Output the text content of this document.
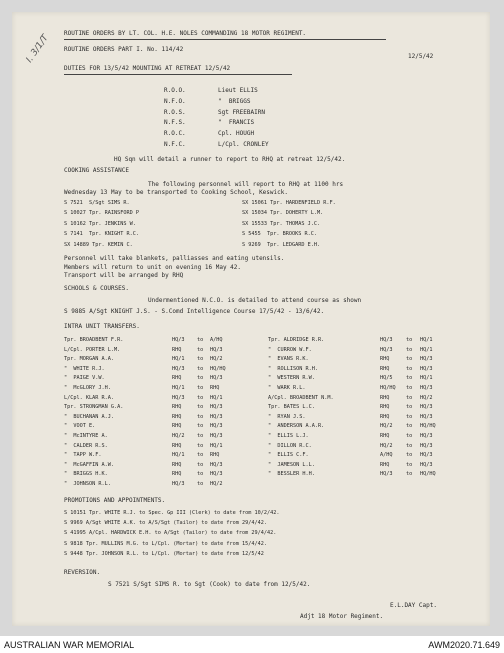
I. 3/1/T ROUTINE ORDERS BY LT. COL. H.E. NOLES COMMANDING 18 MOTOR REGIMENT.
ROUTINE ORDERS PART I. No. 114/42
12/5/42
DUTIES FOR 13/5/42 MOUNTING AT RETREAT 12/5/42
R.O.O.	Lieut ELLIS
N.F.O.	"  BRIGGS
R.O.S.	Sgt FREEBAIRN
N.F.S.	"  FRANCIS
R.O.C.	Cpl. HOUGH
N.F.C.	L/Cpl. CRONLEY
HQ Sqn will detail a runner to report to RHQ at retreat 12/5/42.
COOKING ASSISTANCE
The following personnel will report to RHQ at 1100 hrs
Wednesday 13 May to be transported to Cooking School, Keswick.
S 7521  S/Sgt SIMS R.
S 10027 Tpr. RAINSFORD P
S 10162 Tpr. JENKINS W.
S 7141  Tpr. KNIGHT R.C.
SX 14889 Tpr. KEMIN C.
SX 15061 Tpr. HARDENFIELD R.F.
SX 15034 Tpr. DOHERTY L.M.
SX 15533 Tpr. THOMAS J.C.
S 5455  Tpr. BROOKS R.C.
S 9269  Tpr. LEDGARD E.H.
Personnel will take blankets, palliasses and eating utensils.
Members will return to unit on evening 16 May 42.
Transport will be arranged by RHQ
SCHOOLS & COURSES.
Undermentioned N.C.O. is detailed to attend course as shown
S 9885 A/Sgt KNIGHT J.S. - S.Comd Intelligence Course 17/5/42 - 13/6/42.
INTRA UNIT TRANSFERS.
Tpr. BROADBENT F.R.	HQ/3 to A/HQ
L/Cpl. PORTER L.M.	RHQ	to HQ/3
Tpr. MORGAN A.A.	HQ/1 to HQ/2
"  WHITE R.J.	HQ/3 to HQ/HQ
"  PAIGE V.W.	RHQ	to HQ/3
"  McGLORY J.H.	HQ/1 to RHQ
L/Cpl. KLAR R.A.	HQ/3 to HQ/1
Tpr. STRONGMAN G.A.	RHQ	to HQ/3
"  BUCHANAN A.J.	RHQ	to HQ/3
"  VOOT E.	RHQ	to HQ/3
"  McINTYRE A.	HQ/2 to HQ/3
"  CALDER R.S.	RHQ	to HQ/1
"  TAPP W.F.	HQ/1 to RHQ
"  McGAFFIN A.W.	RHQ	to HQ/3
"  BRIGGS H.K.	RHQ	to HQ/3
"  JOHNSON R.L.	HQ/3 to HQ/2
Tpr. ALDRIDGE R.R.	HQ/3	to HQ/1
"  CURROW W.F.	HQ/3	to HQ/1
"  EVANS R.K.	RHQ	to HQ/3
"  ROLLISON R.H.	RHQ	to HQ/3
"  WESTERN R.W.	HQ/5	to HQ/1
"  WARK R.L.	HQ/HQ to HQ/3
A/Cpl. BROADBENT N.M.	RHQ	to HQ/2
Tpr. BATES L.C.	RHQ	to HQ/3
"  RYAN J.S.	RHQ	to HQ/3
"  ANDERSON A.A.R.	HQ/2	to HQ/HQ
"  ELLIS L.J.	RHQ	to HQ/3
"  DILLON R.C.	HQ/2	to HQ/3
"  ELLIS C.F.	A/HQ	to HQ/3
"  JAMESON L.L.	RHQ	to HQ/3
"  BESSLER H.H.	HQ/3	to HQ/HQ
PROMOTIONS AND APPOINTMENTS.
S 10151 Tpr. WHITE R.J. to Spec. Gp III (Clerk) to date from 10/2/42.
S 9969 A/Sgt WHITE A.K. to A/S/Sgt (Tailor) to date from 29/4/42.
S 41995 A/Cpl. HARDWICK E.H. to A/Sgt (Tailor) to date from 29/4/42.
S 9818 Tpr. MULLINS M.G. to L/Cpl. (Mortar) to date from 15/4/42.
S 9448 Tpr. JOHNSON R.L. to L/Cpl. (Mortar) to date from 12/5/42
REVERSION.
S 7521 S/Sgt SIMS R. to Sgt (Cook) to date from 12/5/42.
E.L.DAY Capt.
Adjt 18 Motor Regiment.
AUSTRALIAN WAR MEMORIAL	AWM2020.71.649
